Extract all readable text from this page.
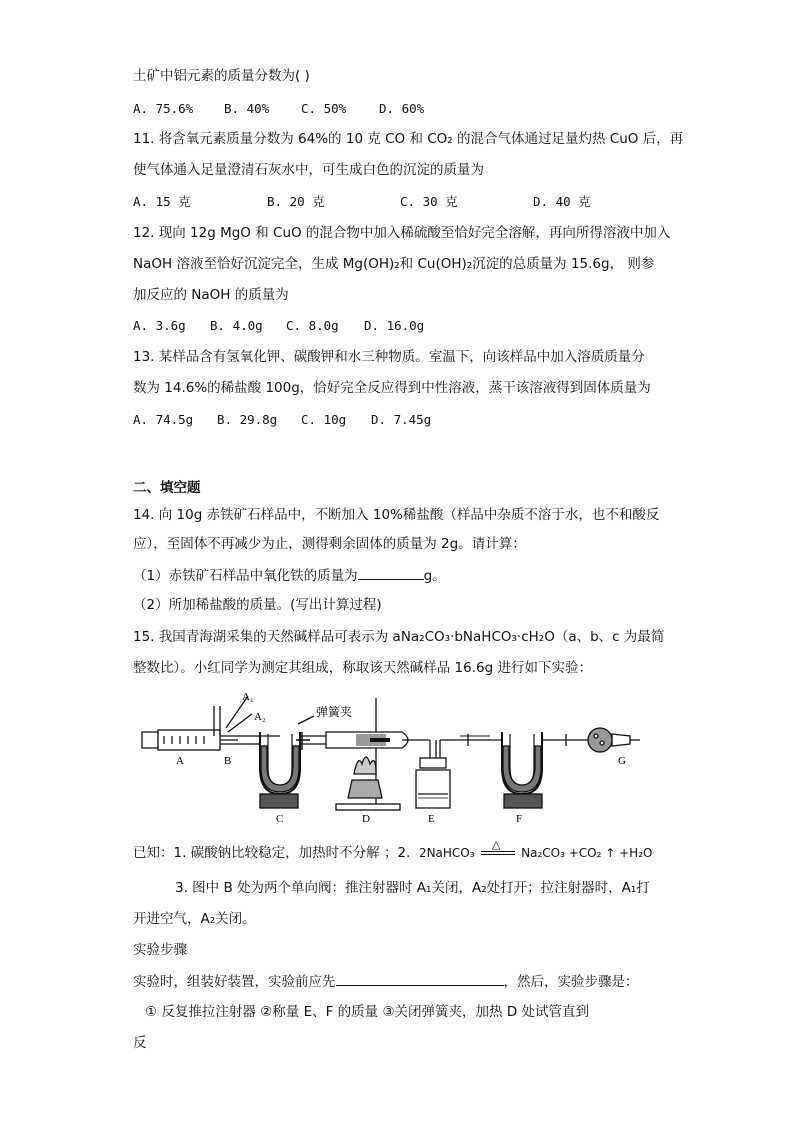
土矿中铝元素的质量分数为( )
A. 75.6% B. 40%	C. 50%	D. 60%
11. 将含氧元素质量分数为 64%的 10 克 CO 和 CO₂ 的混合气体通过足量灼热 CuO 后，再
使气体通入足量澄清石灰水中，可生成白色的沉淀的质量为
A. 15 克	B. 20 克	C. 30 克	D. 40 克
12. 现向 12g MgO 和 CuO 的混合物中加入稀硫酸至恰好完全溶解，再向所得溶液中加入
NaOH 溶液至恰好沉淀完全，生成 Mg(OH)₂和 Cu(OH)₂沉淀的总质量为 15.6g， 则参
加反应的 NaOH 的质量为
A. 3.6g B. 4.0g C. 8.0g D. 16.0g
13. 某样品含有氢氧化钾、碳酸钾和水三种物质。室温下，向该样品中加入溶质质量分
数为 14.6%的稀盐酸 100g，恰好完全反应得到中性溶液，蒸干该溶液得到固体质量为
A. 74.5g B. 29.8g C. 10g D. 7.45g
二、填空题
14. 向 10g 赤铁矿石样品中，不断加入 10%稀盐酸（样品中杂质不溶于水，也不和酸反
应），至固体不再减少为止，测得剩余固体的质量为 2g。请计算：
（1）赤铁矿石样品中氧化铁的质量为	g。
（2）所加稀盐酸的质量。(写出计算过程)
15. 我国青海湖采集的天然碱样品可表示为 aNa₂CO₃·bNaHCO₃·cH₂O（a、b、c 为最简
整数比）。小红同学为测定其组成，称取该天然碱样品 16.6g 进行如下实验：
A₁
A₂	弹簧夹
A	B
C	D	E	F
G
已知：1. 碳酸钠比较稳定，加热时不分解 ；2. 2NaHCO₃
△
Na₂CO₃ +CO₂ ↑ +H₂O
3. 图中 B 处为两个单向阀：推注射器时 A₁关闭，A₂处打开；拉注射器时，A₁打
开进空气，A₂关闭。
实验步骤
实验时，组装好装置，实验前应先	，然后，实验步骤是：
① 反复推拉注射器 ②称量 E、F 的质量 ③关闭弹簧夹，加热 D 处试管直到
反
